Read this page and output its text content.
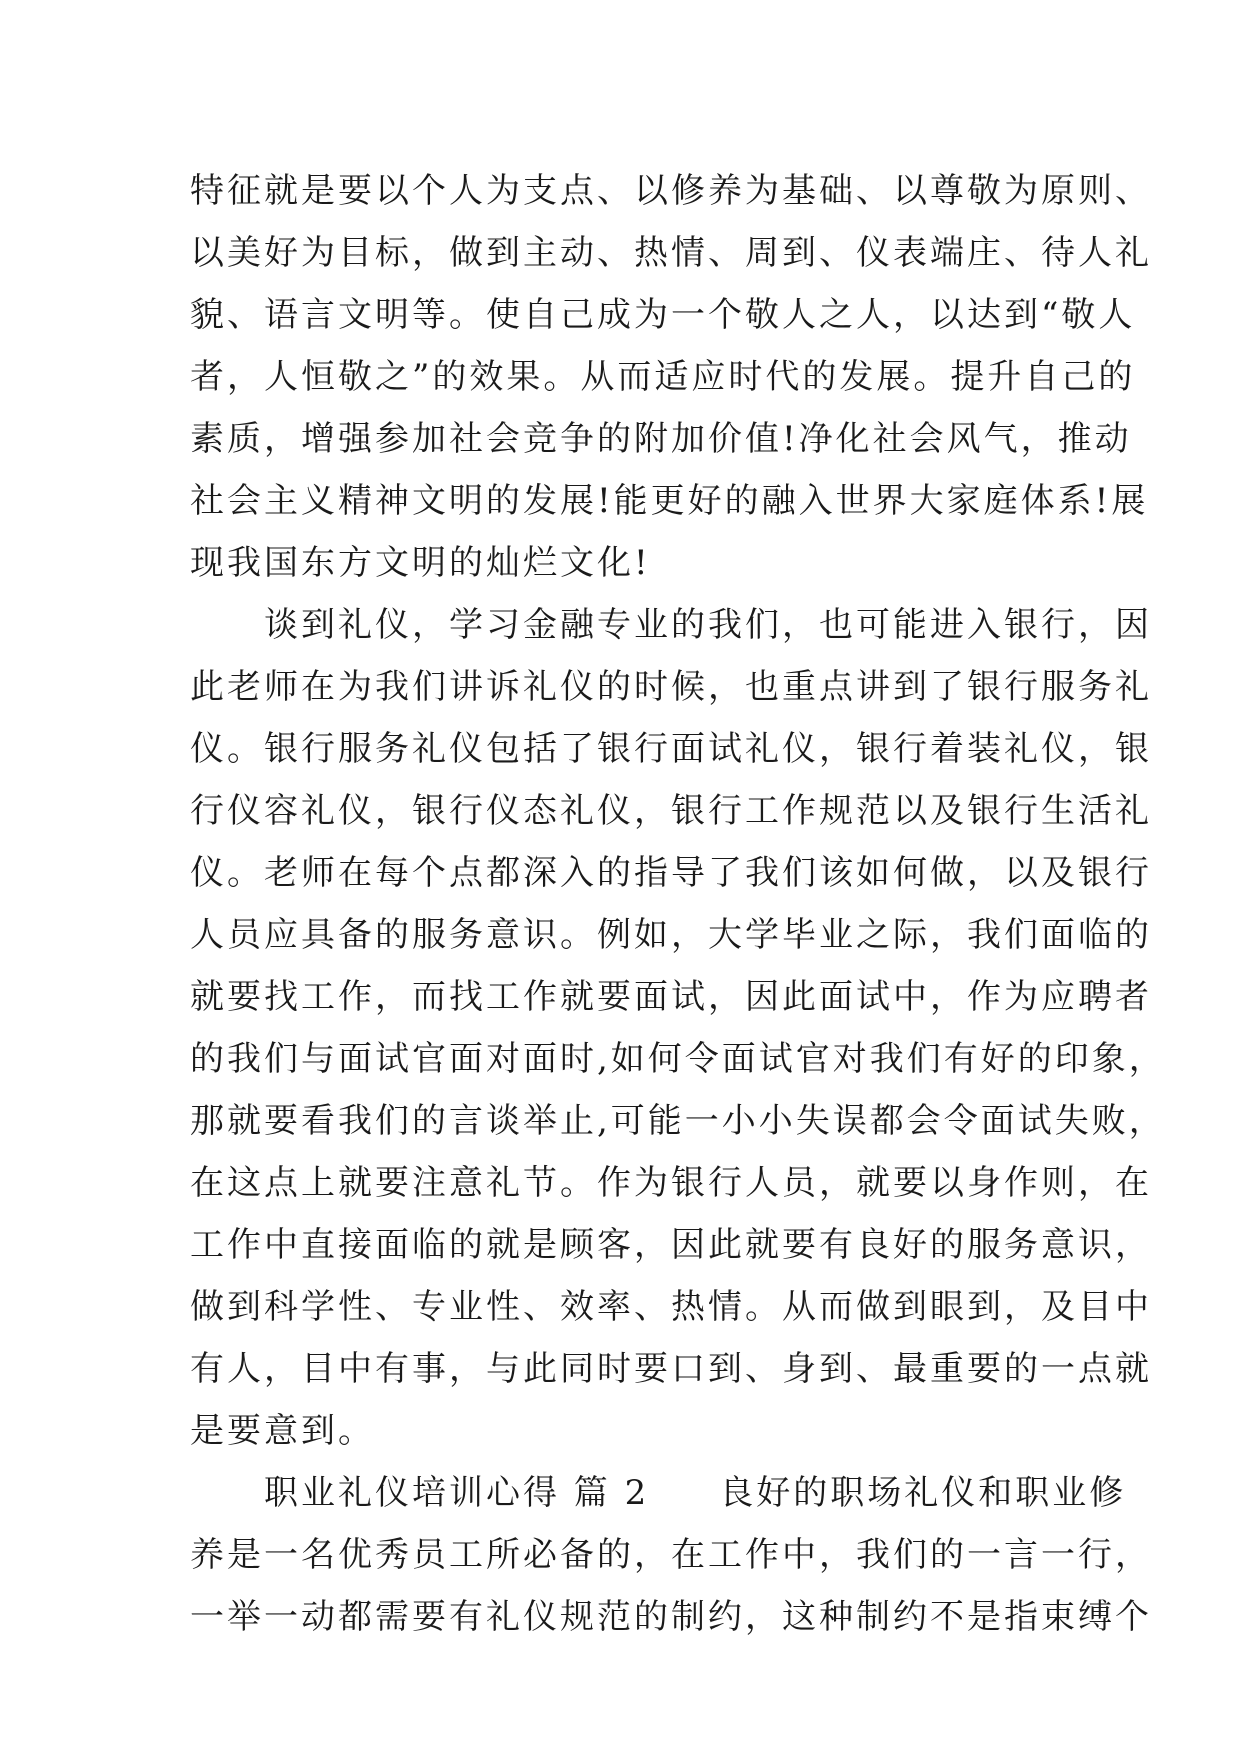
特征就是要以个人为支点、以修养为基础、以尊敬为原则、
以美好为目标，做到主动、热情、周到、仪表端庄、待人礼
貌、语言文明等。使自己成为一个敬人之人，以达到“敬人
者，人恒敬之”的效果。从而适应时代的发展。提升自己的
素质，增强参加社会竞争的附加价值!净化社会风气，推动
社会主义精神文明的发展!能更好的融入世界大家庭体系!展
现我国东方文明的灿烂文化!
　　谈到礼仪，学习金融专业的我们，也可能进入银行，因
此老师在为我们讲诉礼仪的时候，也重点讲到了银行服务礼
仪。银行服务礼仪包括了银行面试礼仪，银行着装礼仪，银
行仪容礼仪，银行仪态礼仪，银行工作规范以及银行生活礼
仪。老师在每个点都深入的指导了我们该如何做，以及银行
人员应具备的服务意识。例如，大学毕业之际，我们面临的
就要找工作，而找工作就要面试，因此面试中，作为应聘者
的我们与面试官面对面时,如何令面试官对我们有好的印象，
那就要看我们的言谈举止,可能一小小失误都会令面试失败，
在这点上就要注意礼节。作为银行人员，就要以身作则，在
工作中直接面临的就是顾客，因此就要有良好的服务意识，
做到科学性、专业性、效率、热情。从而做到眼到，及目中
有人，目中有事，与此同时要口到、身到、最重要的一点就
是要意到。
　　职业礼仪培训心得 篇 2 良好的职场礼仪和职业修
养是一名优秀员工所必备的，在工作中，我们的一言一行，
一举一动都需要有礼仪规范的制约，这种制约不是指束缚个
